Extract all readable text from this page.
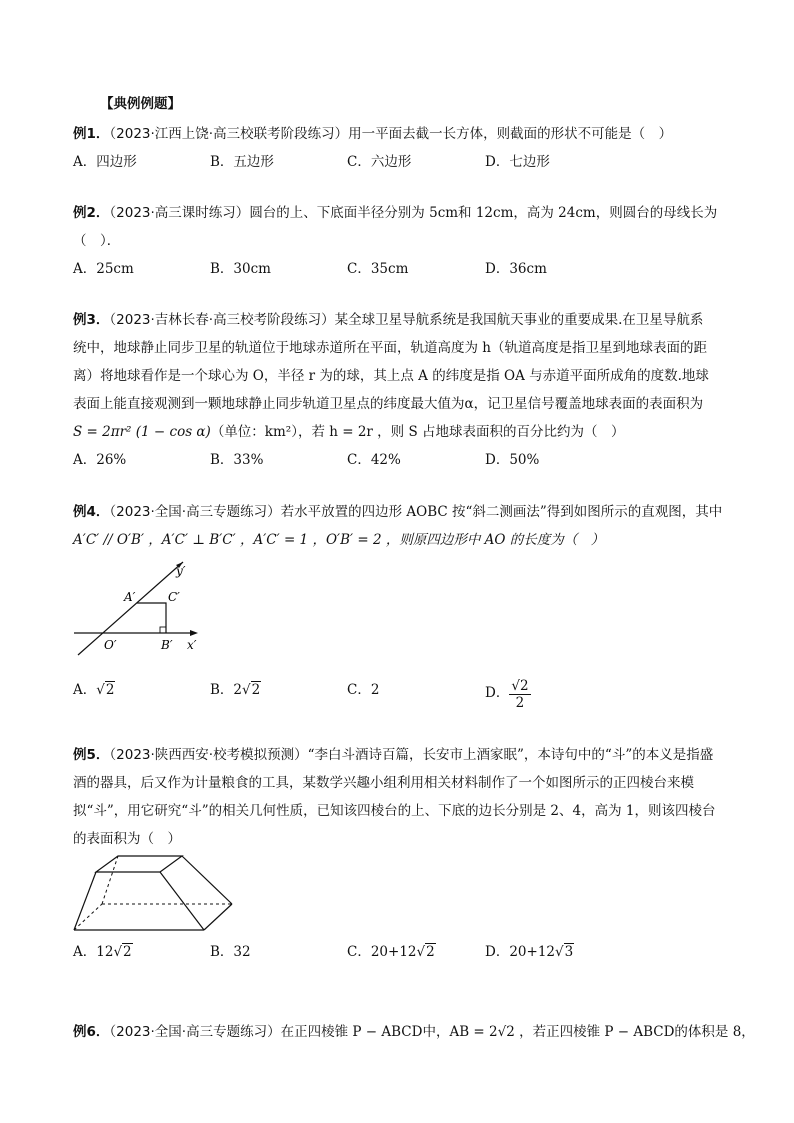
【典例例题】
例1．（2023·江西上饶·高三校联考阶段练习）用一平面去截一长方体，则截面的形状不可能是（　）
A．四边形	B．五边形	C．六边形	D．七边形
例2．（2023·高三课时练习）圆台的上、下底面半径分别为 5cm和 12cm，高为 24cm，则圆台的母线长为
（　）．
A．25cm	B．30cm	C．35cm	D．36cm
例3．（2023·吉林长春·高三校考阶段练习）某全球卫星导航系统是我国航天事业的重要成果.在卫星导航系
统中，地球静止同步卫星的轨道位于地球赤道所在平面，轨道高度为 h（轨道高度是指卫星到地球表面的距
离）将地球看作是一个球心为 O，半径 r 为的球，其上点 A 的纬度是指 OA 与赤道平面所成角的度数.地球
表面上能直接观测到一颗地球静止同步轨道卫星点的纬度最大值为α，记卫星信号覆盖地球表面的表面积为
S = 2πr² (1 − cos α)（单位：km²），若 h = 2r ，则 S 占地球表面积的百分比约为（　）
A．26%	B．33%	C．42%	D．50%
例4．（2023·全国·高三专题练习）若水平放置的四边形 AOBC 按“斜二测画法”得到如图所示的直观图，其中
A′C′ // O′B′ ，A′C′ ⊥ B′C′ ，A′C′ = 1 ，O′B′ = 2 ，则原四边形中 AO 的长度为（　）
y′
A′	C′
O′	B′ x′
A．√2	B．2√2	C．2	D． $\frac{√2}{2}$
例5．（2023·陕西西安·校考模拟预测）“李白斗酒诗百篇，长安市上酒家眠”，本诗句中的“斗”的本义是指盛
酒的器具，后又作为计量粮食的工具，某数学兴趣小组利用相关材料制作了一个如图所示的正四棱台来模
拟“斗”，用它研究“斗”的相关几何性质，已知该四棱台的上、下底的边长分别是 2、4，高为 1，则该四棱台
的表面积为（　）
A．12√2	B．32	C．20+12√2	D．20+12√3
例6．（2023·全国·高三专题练习）在正四棱锥 P − ABCD中，AB = 2√2 ，若正四棱锥 P − ABCD的体积是 8，
